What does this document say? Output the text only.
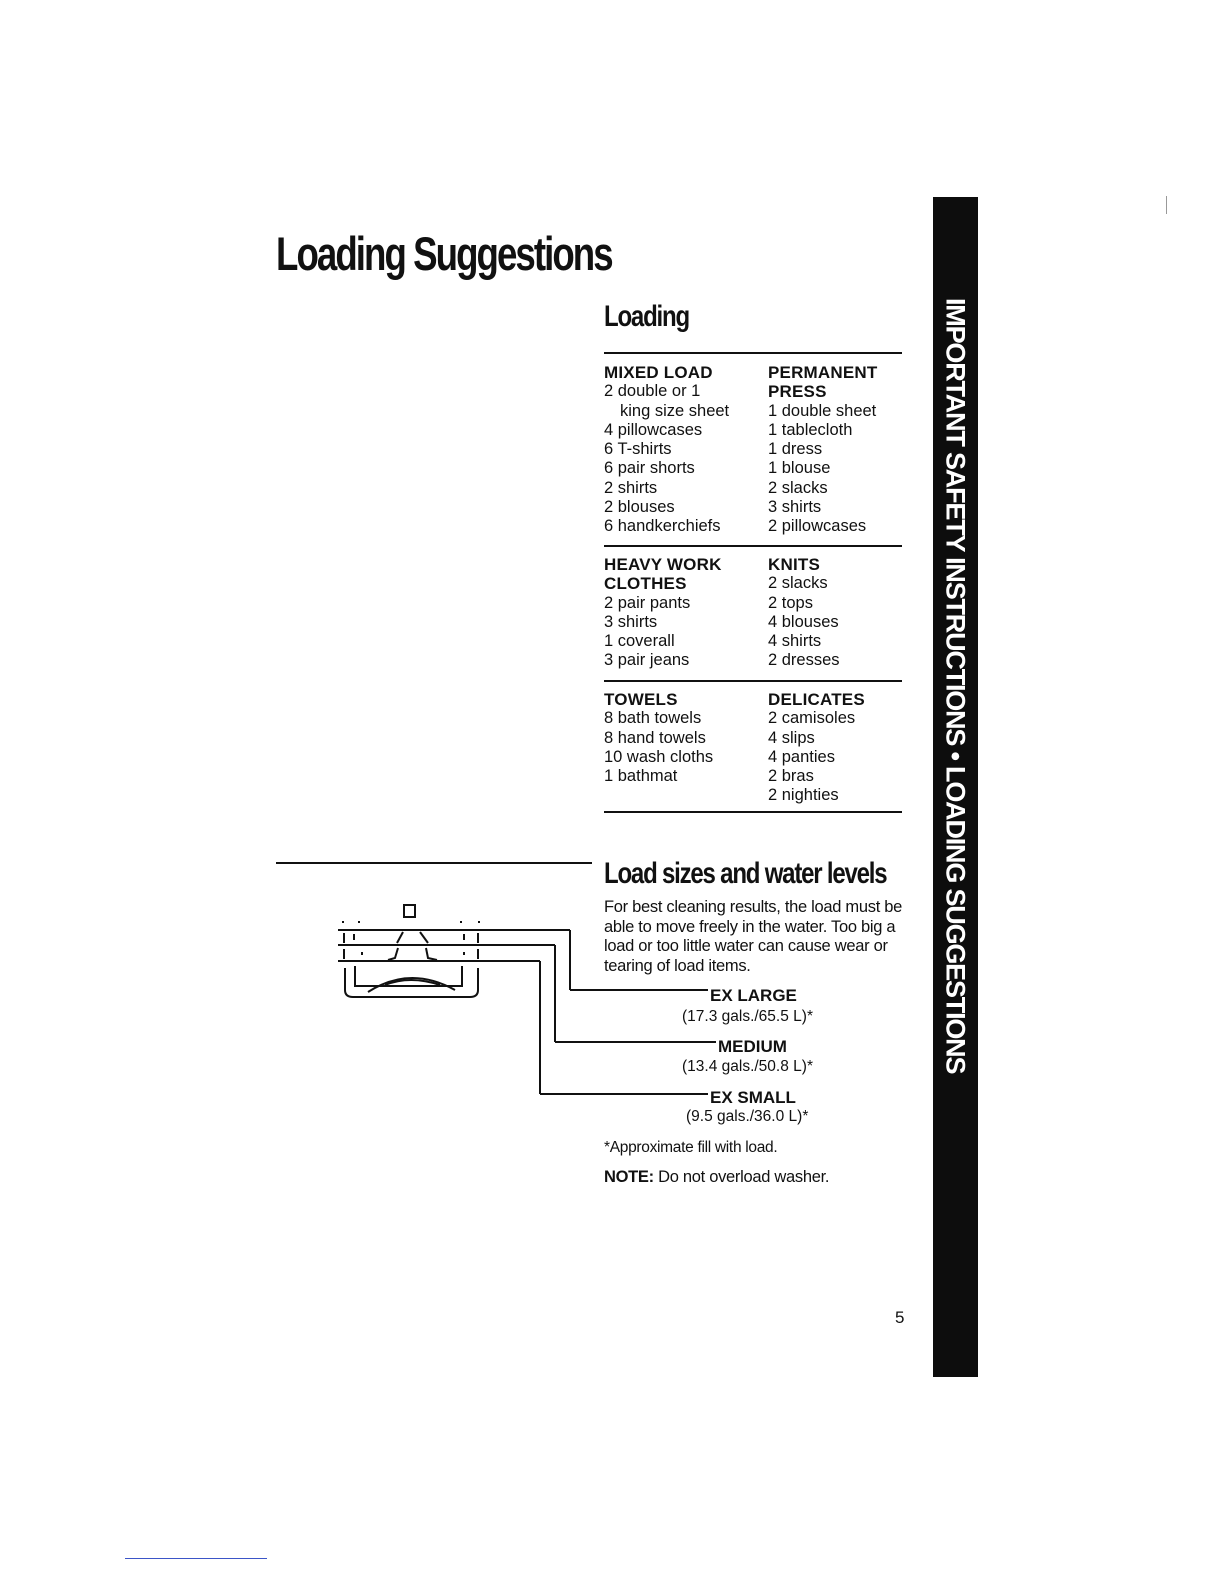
Loading Suggestions
IMPORTANT SAFETY INSTRUCTIONS • LOADING SUGGESTIONS
Loading
MIXED LOAD
2 double or 1
king size sheet
4 pillowcases
6 T-shirts
6 pair shorts
2 shirts
2 blouses
6 handkerchiefs
PERMANENT PRESS
1 double sheet
1 tablecloth
1 dress
1 blouse
2 slacks
3 shirts
2 pillowcases
HEAVY WORK CLOTHES
2 pair pants
3 shirts
1 coverall
3 pair jeans
KNITS
2 slacks
2 tops
4 blouses
4 shirts
2 dresses
TOWELS
8 bath towels
8 hand towels
10 wash cloths
1 bathmat
DELICATES
2 camisoles
4 slips
4 panties
2 bras
2 nighties
Load sizes and water levels
For best cleaning results, the load must be able to move freely in the water. Too big a load or too little water can cause wear or tearing of load items.
EX LARGE
(17.3 gals./65.5 L)*
MEDIUM
(13.4 gals./50.8 L)*
EX SMALL
(9.5 gals./36.0 L)*
*Approximate fill with load.
NOTE: Do not overload washer.
5
